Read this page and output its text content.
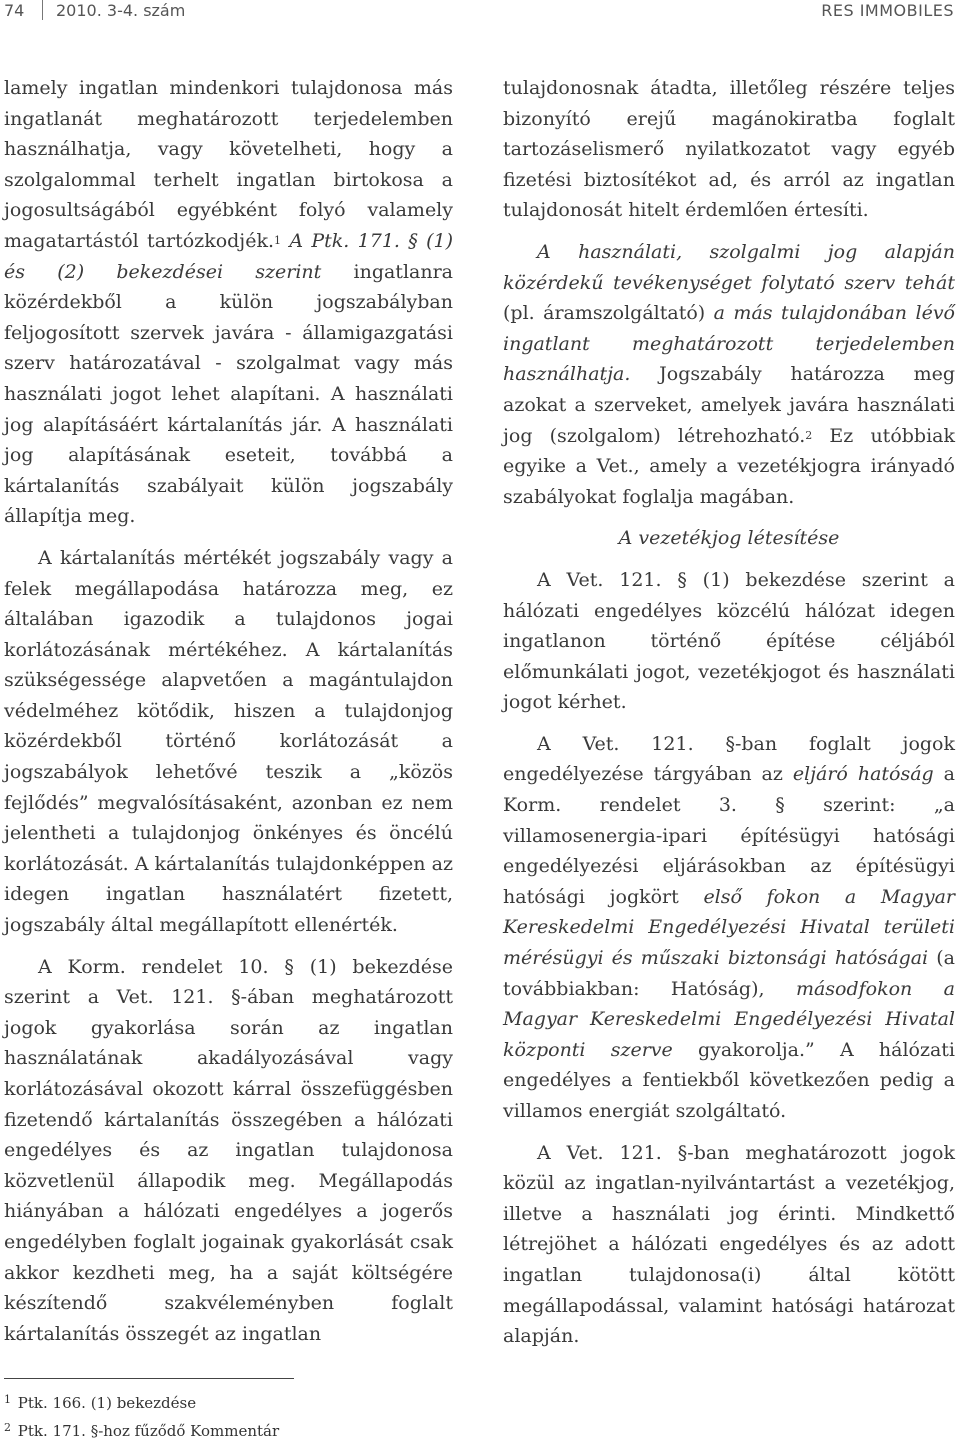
74 2010. 3-4. szám	RES IMMOBILES

lamely ingatlan mindenkori tulajdonosa más ingatlanát meghatározott terjedelemben használhatja, vagy követelheti, hogy a szolgalommal terhelt ingatlan birtokosa a jogosultságából egyébként folyó valamely magatartástól tartózkodjék.$^1$ A Ptk. 171. § (1) és (2) bekezdései szerint ingatlanra közérdekből a külön jogszabályban feljogosított szervek javára - államigazgatási szerv határozatával - szolgalmat vagy más használati jogot lehet alapítani. A használati jog alapításáért kártalanítás jár. A használati jog alapításának eseteit, továbbá a kártalanítás szabályait külön jogszabály állapítja meg.

A kártalanítás mértékét jogszabály vagy a felek megállapodása határozza meg, ez általában igazodik a tulajdonos jogai korlátozásának mértékéhez. A kártalanítás szükségessége alapvetően a magántulajdon védelméhez kötődik, hiszen a tulajdonjog közérdekből történő korlátozását a jogszabályok lehetővé teszik a „közös fejlődés” megvalósításaként, azonban ez nem jelentheti a tulajdonjog önkényes és öncélú korlátozását. A kártalanítás tulajdonképpen az idegen ingatlan használatért fizetett, jogszabály által megállapított ellenérték.

A Korm. rendelet 10. § (1) bekezdése szerint a Vet. 121. §-ában meghatározott jogok gyakorlása során az ingatlan használatának akadályozásával vagy korlátozásával okozott kárral összefüggésben fizetendő kártalanítás összegében a hálózati engedélyes és az ingatlan tulajdonosa közvetlenül állapodik meg. Megállapodás hiányában a hálózati engedélyes a jogerős engedélyben foglalt jogainak gyakorlását csak akkor kezdheti meg, ha a saját költségére készítendő szakvéleményben foglalt kártalanítás összegét az ingatlan

tulajdonosnak átadta, illetőleg részére teljes bizonyító erejű magánokiratba foglalt tartozáselismerő nyilatkozatot vagy egyéb fizetési biztosítékot ad, és arról az ingatlan tulajdonosát hitelt érdemlően értesíti.

A használati, szolgalmi jog alapján közérdekű tevékenységet folytató szerv tehát (pl. áramszolgáltató) a más tulajdonában lévő ingatlant meghatározott terjedelemben használhatja. Jogszabály határozza meg azokat a szerveket, amelyek javára használati jog (szolgalom) létrehozható.$^2$ Ez utóbbiak egyike a Vet., amely a vezetékjogra irányadó szabályokat foglalja magában.

A vezetékjog létesítése

A Vet. 121. § (1) bekezdése szerint a hálózati engedélyes közcélú hálózat idegen ingatlanon történő építése céljából előmunkálati jogot, vezetékjogot és használati jogot kérhet.

A Vet. 121. §-ban foglalt jogok engedélyezése tárgyában az eljáró hatóság a Korm. rendelet 3. § szerint: „a villamosenergia-ipari építésügyi hatósági engedélyezési eljárásokban az építésügyi hatósági jogkört első fokon a Magyar Kereskedelmi Engedélyezési Hivatal területi mérésügyi és műszaki biztonsági hatóságai (a továbbiakban: Hatóság), másodfokon a Magyar Kereskedelmi Engedélyezési Hivatal központi szerve gyakorolja.” A hálózati engedélyes a fentiekből következően pedig a villamos energiát szolgáltató.

A Vet. 121. §-ban meghatározott jogok közül az ingatlan-nyilvántartást a vezetékjog, illetve a használati jog érinti. Mindkettő létrejöhet a hálózati engedélyes és az adott ingatlan tulajdonosa(i) által kötött megállapodással, valamint hatósági határozat alapján.

$^1$ Ptk. 166. (1) bekezdése
$^2$ Ptk. 171. §-hoz fűződő Kommentár
